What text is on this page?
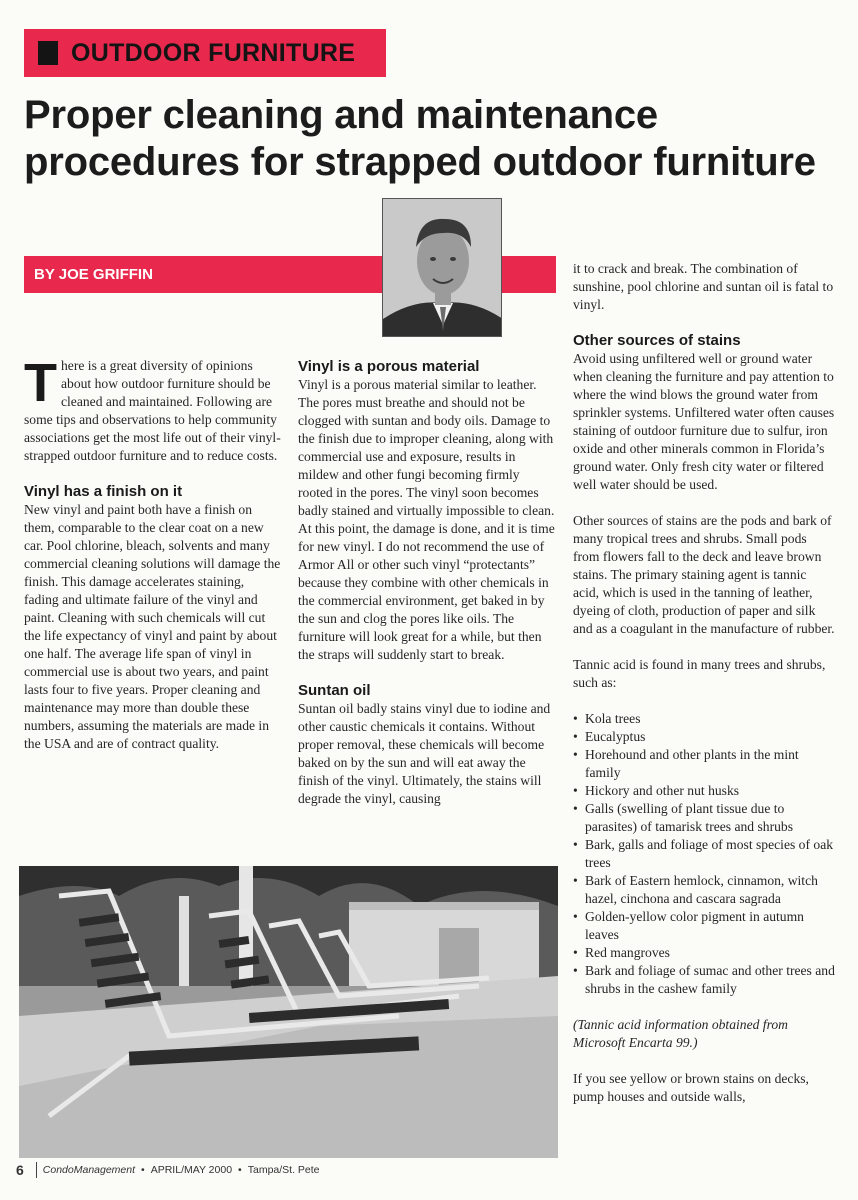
OUTDOOR FURNITURE
Proper cleaning and maintenance procedures for strapped outdoor furniture
BY JOE GRIFFIN

There is a great diversity of opinions about how outdoor furniture should be cleaned and maintained. Following are some tips and observations to help community associations get the most life out of their vinyl-strapped outdoor furniture and to reduce costs.

Vinyl has a finish on it

New vinyl and paint both have a finish on them, comparable to the clear coat on a new car. Pool chlorine, bleach, solvents and many commercial cleaning solutions will damage the finish. This damage accelerates staining, fading and ultimate failure of the vinyl and paint. Cleaning with such chemicals will cut the life expectancy of vinyl and paint by about one half. The average life span of vinyl in commercial use is about two years, and paint lasts four to five years. Proper cleaning and maintenance may more than double these numbers, assuming the materials are made in the USA and are of contract quality.

Vinyl is a porous material

Vinyl is a porous material similar to leather. The pores must breathe and should not be clogged with suntan and body oils. Damage to the finish due to improper cleaning, along with commercial use and exposure, results in mildew and other fungi becoming firmly rooted in the pores. The vinyl soon becomes badly stained and virtually impossible to clean. At this point, the damage is done, and it is time for new vinyl. I do not recommend the use of Armor All or other such vinyl “protectants” because they combine with other chemicals in the commercial environment, get baked in by the sun and clog the pores like oils. The furniture will look great for a while, but then the straps will suddenly start to break.

Suntan oil

Suntan oil badly stains vinyl due to iodine and other caustic chemicals it contains. Without proper removal, these chemicals will become baked on by the sun and will eat away the finish of the vinyl. Ultimately, the stains will degrade the vinyl, causing

it to crack and break. The combination of sunshine, pool chlorine and suntan oil is fatal to vinyl.

Other sources of stains

Avoid using unfiltered well or ground water when cleaning the furniture and pay attention to where the wind blows the ground water from sprinkler systems. Unfiltered water often causes staining of outdoor furniture due to sulfur, iron oxide and other minerals common in Florida’s ground water. Only fresh city water or filtered well water should be used.

Other sources of stains are the pods and bark of many tropical trees and shrubs. Small pods from flowers fall to the deck and leave brown stains. The primary staining agent is tannic acid, which is used in the tanning of leather, dyeing of cloth, production of paper and silk and as a coagulant in the manufacture of rubber.

Tannic acid is found in many trees and shrubs, such as:

• Kola trees
• Eucalyptus
• Horehound and other plants in the mint family
• Hickory and other nut husks
• Galls (swelling of plant tissue due to parasites) of tamarisk trees and shrubs
• Bark, galls and foliage of most species of oak trees
• Bark of Eastern hemlock, cinnamon, witch hazel, cinchona and cascara sagrada
• Golden-yellow color pigment in autumn leaves
• Red mangroves
• Bark and foliage of sumac and other trees and shrubs in the cashew family

(Tannic acid information obtained from Microsoft Encarta 99.)

If you see yellow or brown stains on decks, pump houses and outside walls,

6 CondoManagement • APRIL/MAY 2000 • Tampa/St. Pete
